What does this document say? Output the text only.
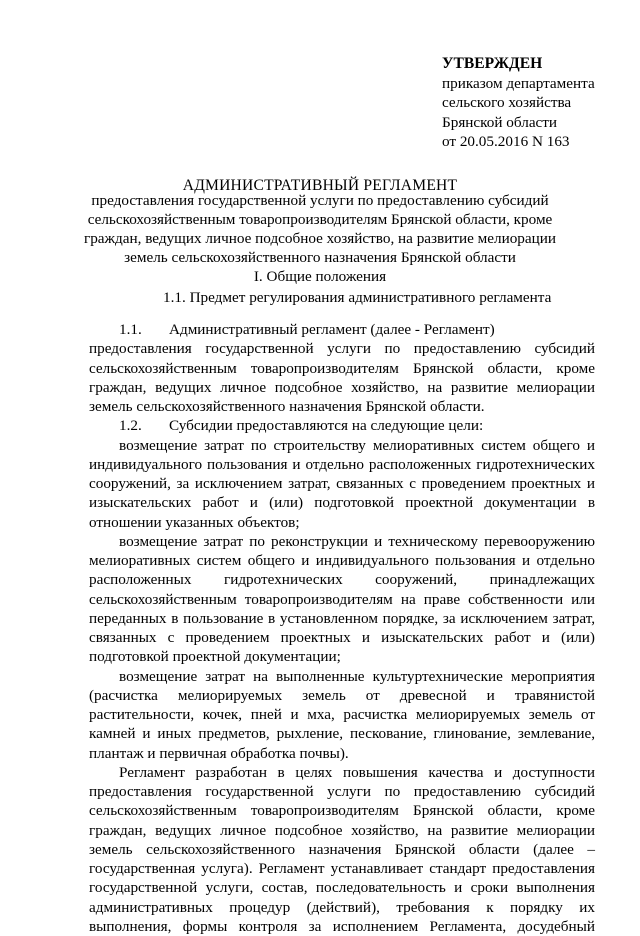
УТВЕРЖДЕН
приказом департамента
сельского хозяйства
Брянской области
от 20.05.2016 N 163
АДМИНИСТРАТИВНЫЙ РЕГЛАМЕНТ
предоставления государственной услуги по предоставлению субсидий
сельскохозяйственным товаропроизводителям Брянской области, кроме
граждан, ведущих личное подсобное хозяйство, на развитие мелиорации
земель сельскохозяйственного назначения Брянской области
I. Общие положения
1.1. Предмет регулирования административного регламента
1.1. Административный регламент (далее - Регламент)
предоставления государственной услуги по предоставлению субсидий
сельскохозяйственным товаропроизводителям Брянской области, кроме
граждан, ведущих личное подсобное хозяйство, на развитие мелиорации
земель сельскохозяйственного назначения Брянской области.
1.2. Субсидии предоставляются на следующие цели:
возмещение затрат по строительству мелиоративных систем общего и
индивидуального пользования и отдельно расположенных гидротехнических
сооружений, за исключением затрат, связанных с проведением проектных и
изыскательских работ и (или) подготовкой проектной документации в
отношении указанных объектов;
возмещение затрат по реконструкции и техническому перевооружению
мелиоративных систем общего и индивидуального пользования и отдельно
расположенных гидротехнических сооружений, принадлежащих
сельскохозяйственным товаропроизводителям на праве собственности или
переданных в пользование в установленном порядке, за исключением затрат,
связанных с проведением проектных и изыскательских работ и (или)
подготовкой проектной документации;
возмещение затрат на выполненные культуртехнические мероприятия
(расчистка мелиорируемых земель от древесной и травянистой
растительности, кочек, пней и мха, расчистка мелиорируемых земель от
камней и иных предметов, рыхление, пескование, глинование, землевание,
плантаж и первичная обработка почвы).
Регламент разработан в целях повышения качества и доступности
предоставления государственной услуги по предоставлению субсидий
сельскохозяйственным товаропроизводителям Брянской области, кроме
граждан, ведущих личное подсобное хозяйство, на развитие мелиорации
земель сельскохозяйственного назначения Брянской области (далее –
государственная услуга). Регламент устанавливает стандарт предоставления
государственной услуги, состав, последовательность и сроки выполнения
административных процедур (действий), требования к порядку их
выполнения, формы контроля за исполнением Регламента, досудебный
